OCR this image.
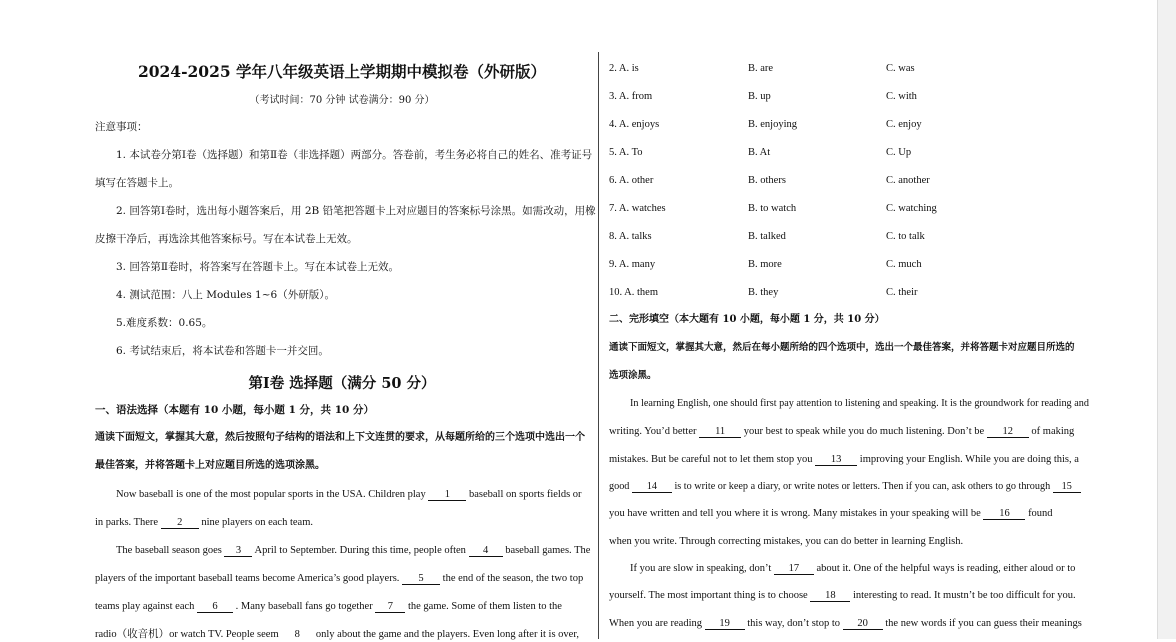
2024-2025 学年八年级英语上学期期中模拟卷（外研版）
（考试时间：70 分钟 试卷满分：90 分）
注意事项：
1. 本试卷分第Ⅰ卷（选择题）和第Ⅱ卷（非选择题）两部分。答卷前，考生务必将自己的姓名、准考证号
填写在答题卡上。
2. 回答第Ⅰ卷时，选出每小题答案后，用 2B 铅笔把答题卡上对应题目的答案标号涂黑。如需改动，用橡
皮擦干净后，再选涂其他答案标号。写在本试卷上无效。
3. 回答第Ⅱ卷时，将答案写在答题卡上。写在本试卷上无效。
4. 测试范围：八上 Modules 1~6（外研版）。
5.难度系数：0.65。
6. 考试结束后，将本试卷和答题卡一并交回。
第Ⅰ卷 选择题（满分 50 分）
一、语法选择（本题有 10 小题，每小题 1 分，共 10 分）
通读下面短文，掌握其大意，然后按照句子结构的语法和上下文连贯的要求，从每题所给的三个选项中选出一个
最佳答案，并将答题卡上对应题目所选的选项涂黑。
Now baseball is one of the most popular sports in the USA. Children play 1 baseball on sports fields or
in parks. There 2 nine players on each team.
The baseball season goes 3 April to September. During this time, people often 4 baseball games. The
players of the important baseball teams become America’s good players. 5 the end of the season, the two top
teams play against each 6 . Many baseball fans go together 7 the game. Some of them listen to the
radio（收音机）or watch TV. People seem 8 only about the game and the players. Even long after it is over,
2. A. is	B. are	C. was
3. A. from	B. up	C. with
4. A. enjoys	B. enjoying	C. enjoy
5. A. To	B. At	C. Up
6. A. other	B. others	C. another
7. A. watches	B. to watch	C. watching
8. A. talks	B. talked	C. to talk
9. A. many	B. more	C. much
10. A. them	B. they	C. their
二、完形填空（本大题有 10 小题，每小题 1 分，共 10 分）
通读下面短文，掌握其大意，然后在每小题所给的四个选项中，选出一个最佳答案，并将答题卡对应题目所选的
选项涂黑。
In learning English, one should first pay attention to listening and speaking. It is the groundwork for reading and
writing. You’d better 11 your best to speak while you do much listening. Don’t be 12 of making
mistakes. But be careful not to let them stop you 13 improving your English. While you are doing this, a
good 14 is to write or keep a diary, or write notes or letters. Then if you can, ask others to go through 15
you have written and tell you where it is wrong. Many mistakes in your speaking will be 16 found
when you write. Through correcting mistakes, you can do better in learning English.
If you are slow in speaking, don’t 17 about it. One of the helpful ways is reading, either aloud or to
yourself. The most important thing is to choose 18 interesting to read. It mustn’t be too difficult for you.
When you are reading 19 this way, don’t stop to 20 the new words if you can guess their meanings
